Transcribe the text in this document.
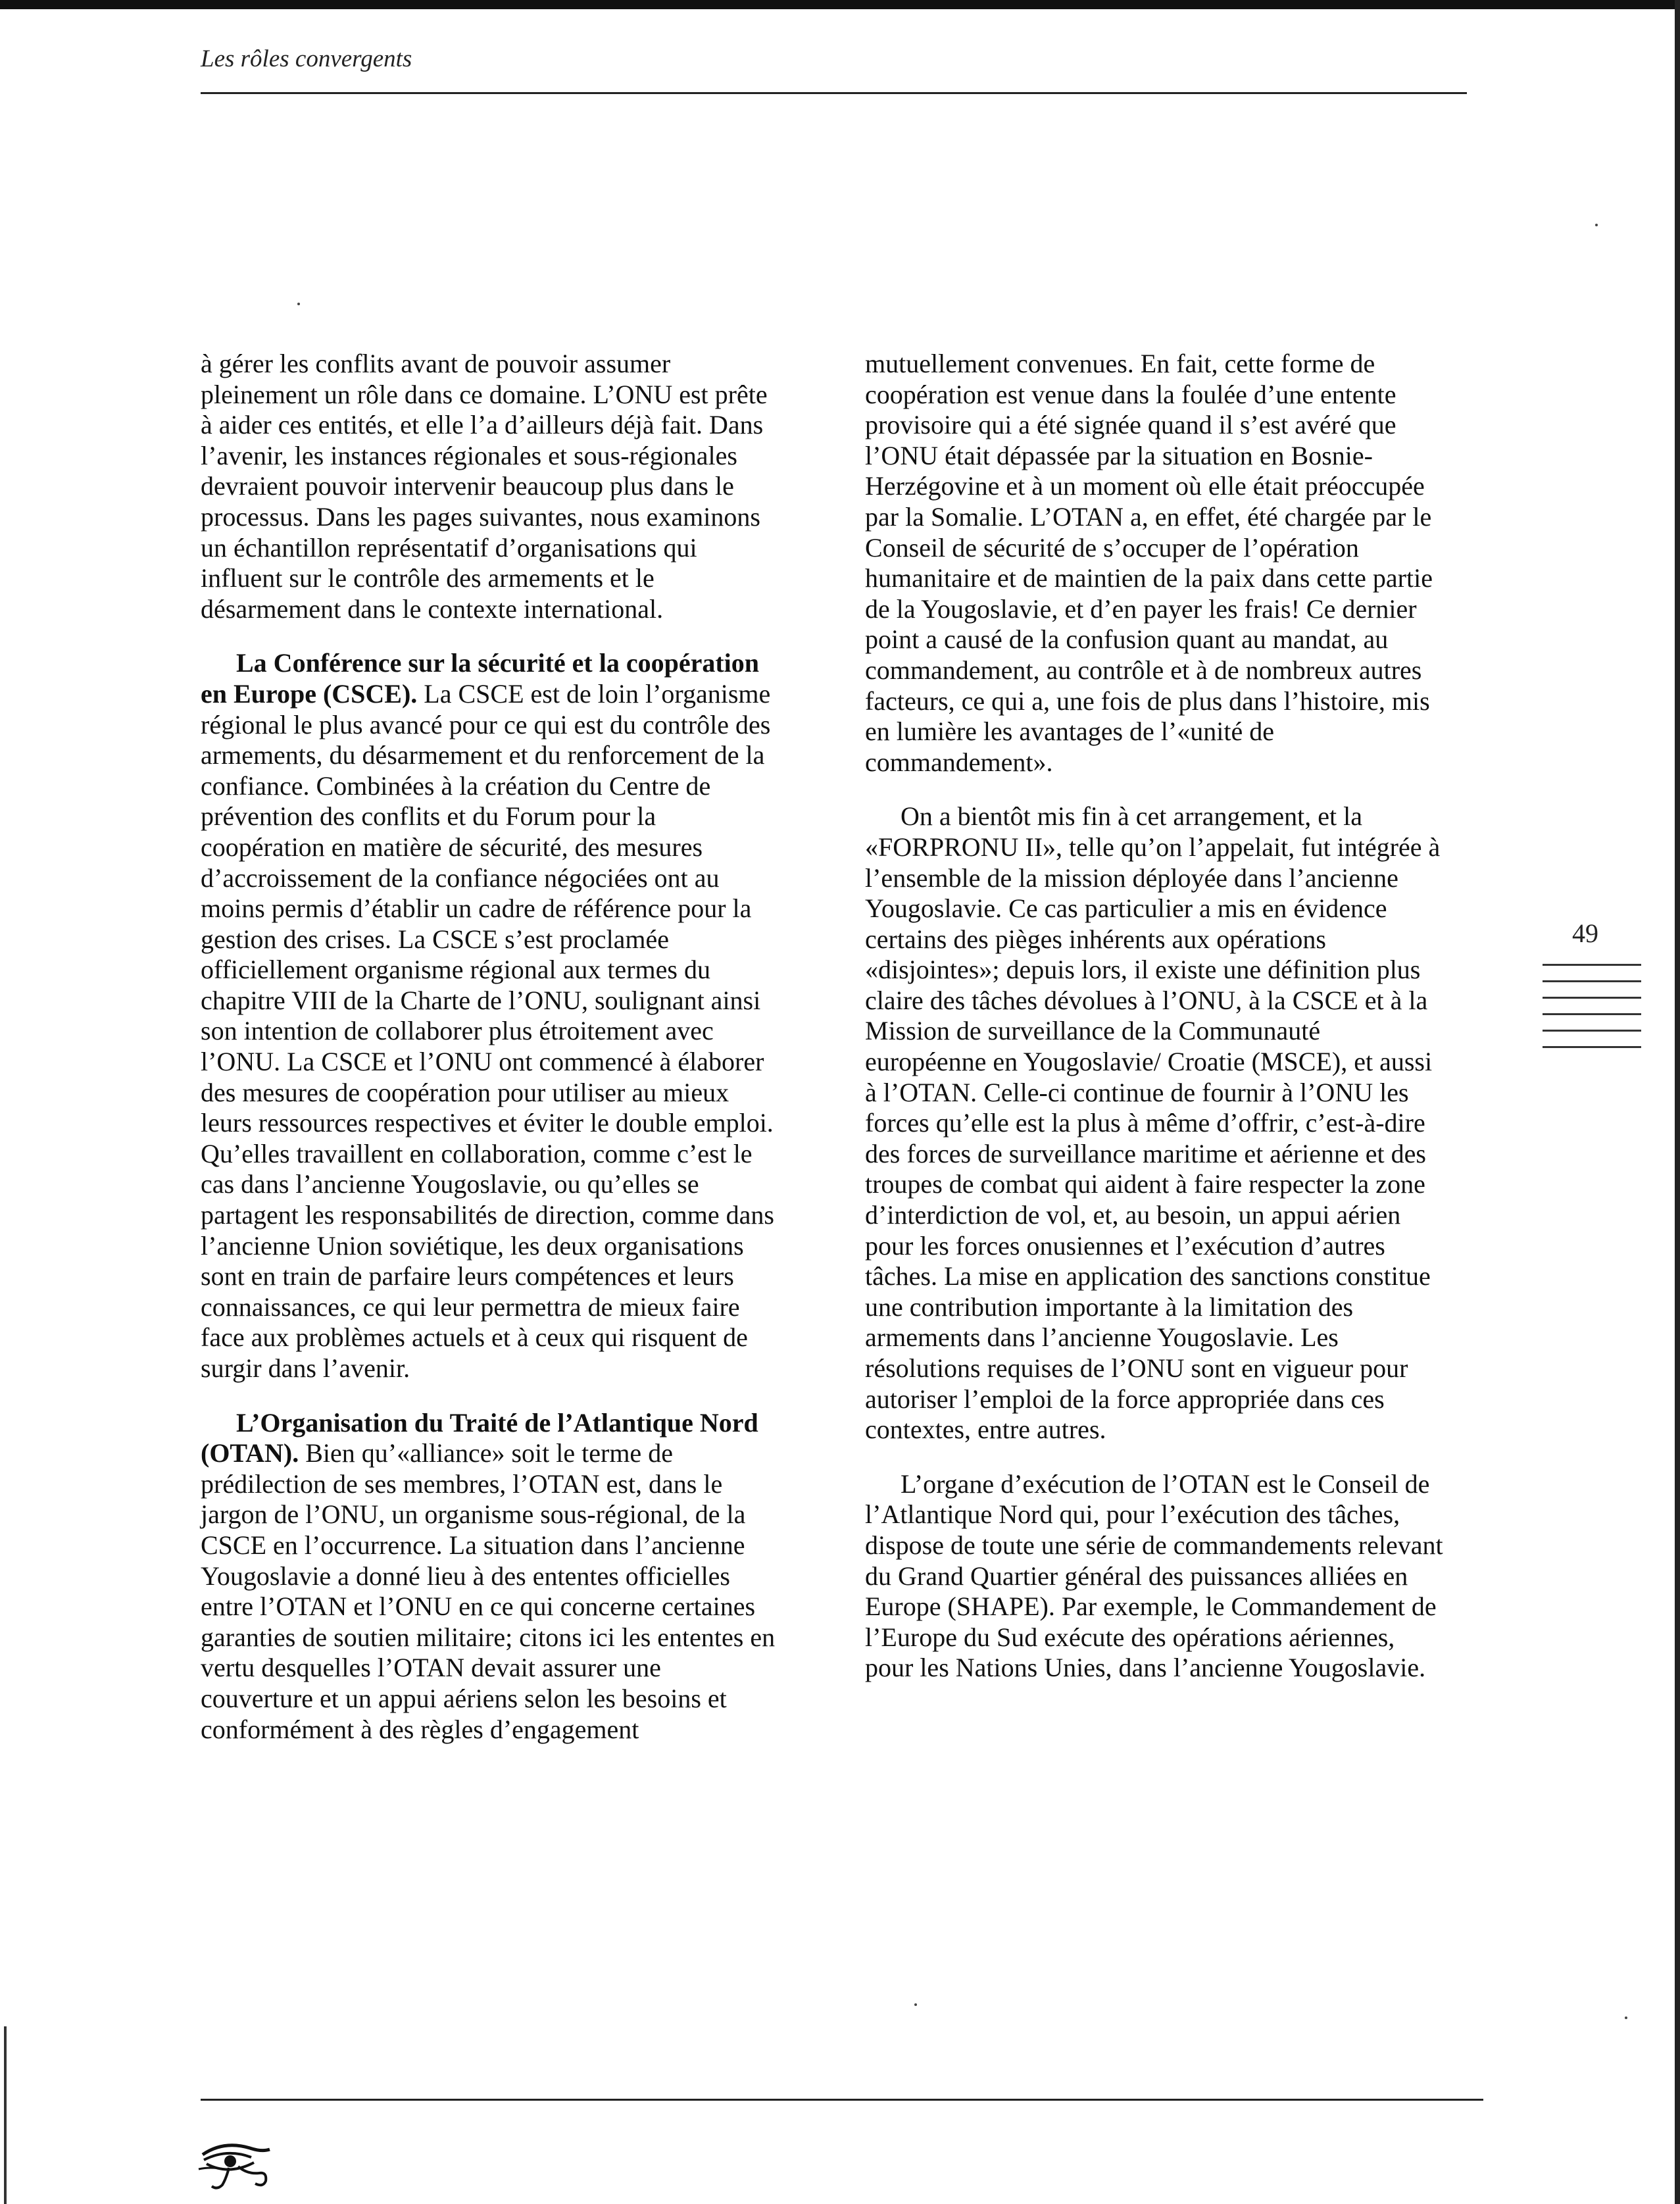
Les rôles convergents

à gérer les conflits avant de pouvoir assumer pleinement un rôle dans ce domaine. L’ONU est prête à aider ces entités, et elle l’a d’ailleurs déjà fait. Dans l’avenir, les instances régionales et sous-régionales devraient pouvoir intervenir beaucoup plus dans le processus. Dans les pages suivantes, nous examinons un échantillon représentatif d’organisations qui influent sur le contrôle des armements et le désarmement dans le contexte international.

La Conférence sur la sécurité et la coopération en Europe (CSCE). La CSCE est de loin l’organisme régional le plus avancé pour ce qui est du contrôle des armements, du désarmement et du renforcement de la confiance. Combinées à la création du Centre de prévention des conflits et du Forum pour la coopération en matière de sécurité, des mesures d’accroissement de la confiance négociées ont au moins permis d’établir un cadre de référence pour la gestion des crises. La CSCE s’est proclamée officiellement organisme régional aux termes du chapitre VIII de la Charte de l’ONU, soulignant ainsi son intention de collaborer plus étroitement avec l’ONU. La CSCE et l’ONU ont commencé à élaborer des mesures de coopération pour utiliser au mieux leurs ressources respectives et éviter le double emploi. Qu’elles travaillent en collaboration, comme c’est le cas dans l’ancienne Yougoslavie, ou qu’elles se partagent les responsabilités de direction, comme dans l’ancienne Union soviétique, les deux organisations sont en train de parfaire leurs compétences et leurs connaissances, ce qui leur permettra de mieux faire face aux problèmes actuels et à ceux qui risquent de surgir dans l’avenir.

L’Organisation du Traité de l’Atlantique Nord (OTAN). Bien qu’«alliance» soit le terme de prédilection de ses membres, l’OTAN est, dans le jargon de l’ONU, un organisme sous-régional, de la CSCE en l’occurrence. La situation dans l’ancienne Yougoslavie a donné lieu à des ententes officielles entre l’OTAN et l’ONU en ce qui concerne certaines garanties de soutien militaire; citons ici les ententes en vertu desquelles l’OTAN devait assurer une couverture et un appui aériens selon les besoins et conformément à des règles d’engagement

mutuellement convenues. En fait, cette forme de coopération est venue dans la foulée d’une entente provisoire qui a été signée quand il s’est avéré que l’ONU était dépassée par la situation en Bosnie-Herzégovine et à un moment où elle était préoccupée par la Somalie. L’OTAN a, en effet, été chargée par le Conseil de sécurité de s’occuper de l’opération humanitaire et de maintien de la paix dans cette partie de la Yougoslavie, et d’en payer les frais! Ce dernier point a causé de la confusion quant au mandat, au commandement, au contrôle et à de nombreux autres facteurs, ce qui a, une fois de plus dans l’histoire, mis en lumière les avantages de l’«unité de commandement».

On a bientôt mis fin à cet arrangement, et la «FORPRONU II», telle qu’on l’appelait, fut intégrée à l’ensemble de la mission déployée dans l’ancienne Yougoslavie. Ce cas particulier a mis en évidence certains des pièges inhérents aux opérations «disjointes»; depuis lors, il existe une définition plus claire des tâches dévolues à l’ONU, à la CSCE et à la Mission de surveillance de la Communauté européenne en Yougoslavie/ Croatie (MSCE), et aussi à l’OTAN. Celle-ci continue de fournir à l’ONU les forces qu’elle est la plus à même d’offrir, c’est-à-dire des forces de surveillance maritime et aérienne et des troupes de combat qui aident à faire respecter la zone d’interdiction de vol, et, au besoin, un appui aérien pour les forces onusiennes et l’exécution d’autres tâches. La mise en application des sanctions constitue une contribution importante à la limitation des armements dans l’ancienne Yougoslavie. Les résolutions requises de l’ONU sont en vigueur pour autoriser l’emploi de la force appropriée dans ces contextes, entre autres.

L’organe d’exécution de l’OTAN est le Conseil de l’Atlantique Nord qui, pour l’exécution des tâches, dispose de toute une série de commandements relevant du Grand Quartier général des puissances alliées en Europe (SHAPE). Par exemple, le Commandement de l’Europe du Sud exécute des opérations aériennes, pour les Nations Unies, dans l’ancienne Yougoslavie.

49
